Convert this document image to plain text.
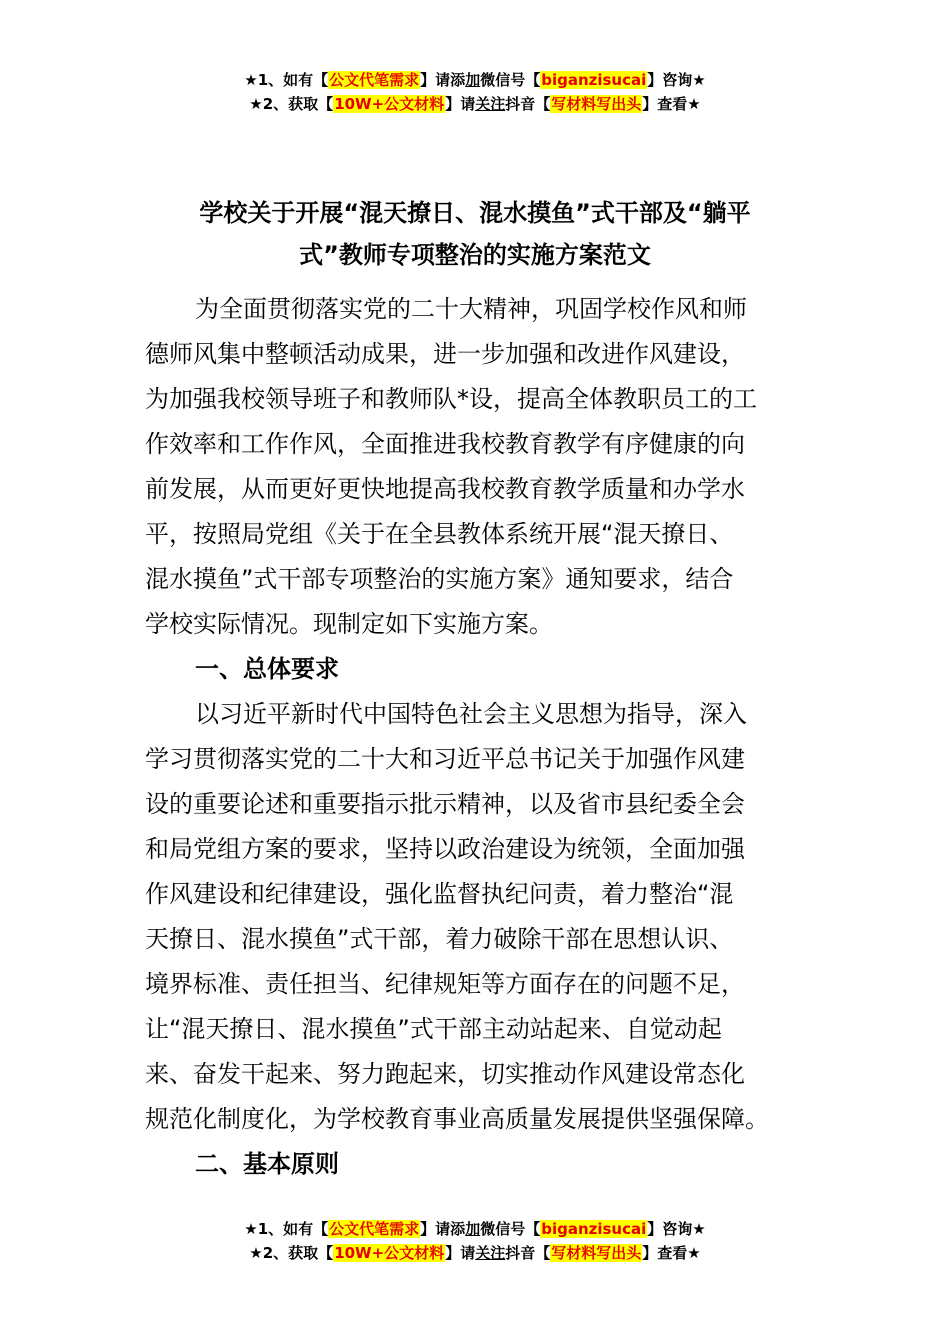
★1、如有【公文代笔需求】请添加微信号【biganzisucai】咨询★
★2、获取【10W+公文材料】请关注抖音【写材料写出头】查看★
学校关于开展“混天撩日、混水摸鱼”式干部及“躺平
式”教师专项整治的实施方案范文
为全面贯彻落实党的二十大精神，巩固学校作风和师
德师风集中整顿活动成果，进一步加强和改进作风建设，
为加强我校领导班子和教师队*设，提高全体教职员工的工
作效率和工作作风，全面推进我校教育教学有序健康的向
前发展，从而更好更快地提高我校教育教学质量和办学水
平，按照局党组《关于在全县教体系统开展“混天撩日、
混水摸鱼”式干部专项整治的实施方案》通知要求，结合
学校实际情况。现制定如下实施方案。
一、总体要求
以习近平新时代中国特色社会主义思想为指导，深入
学习贯彻落实党的二十大和习近平总书记关于加强作风建
设的重要论述和重要指示批示精神，以及省市县纪委全会
和局党组方案的要求，坚持以政治建设为统领，全面加强
作风建设和纪律建设，强化监督执纪问责，着力整治“混
天撩日、混水摸鱼”式干部，着力破除干部在思想认识、
境界标准、责任担当、纪律规矩等方面存在的问题不足，
让“混天撩日、混水摸鱼”式干部主动站起来、自觉动起
来、奋发干起来、努力跑起来，切实推动作风建设常态化
规范化制度化，为学校教育事业高质量发展提供坚强保障。
二、基本原则
★1、如有【公文代笔需求】请添加微信号【biganzisucai】咨询★
★2、获取【10W+公文材料】请关注抖音【写材料写出头】查看★
